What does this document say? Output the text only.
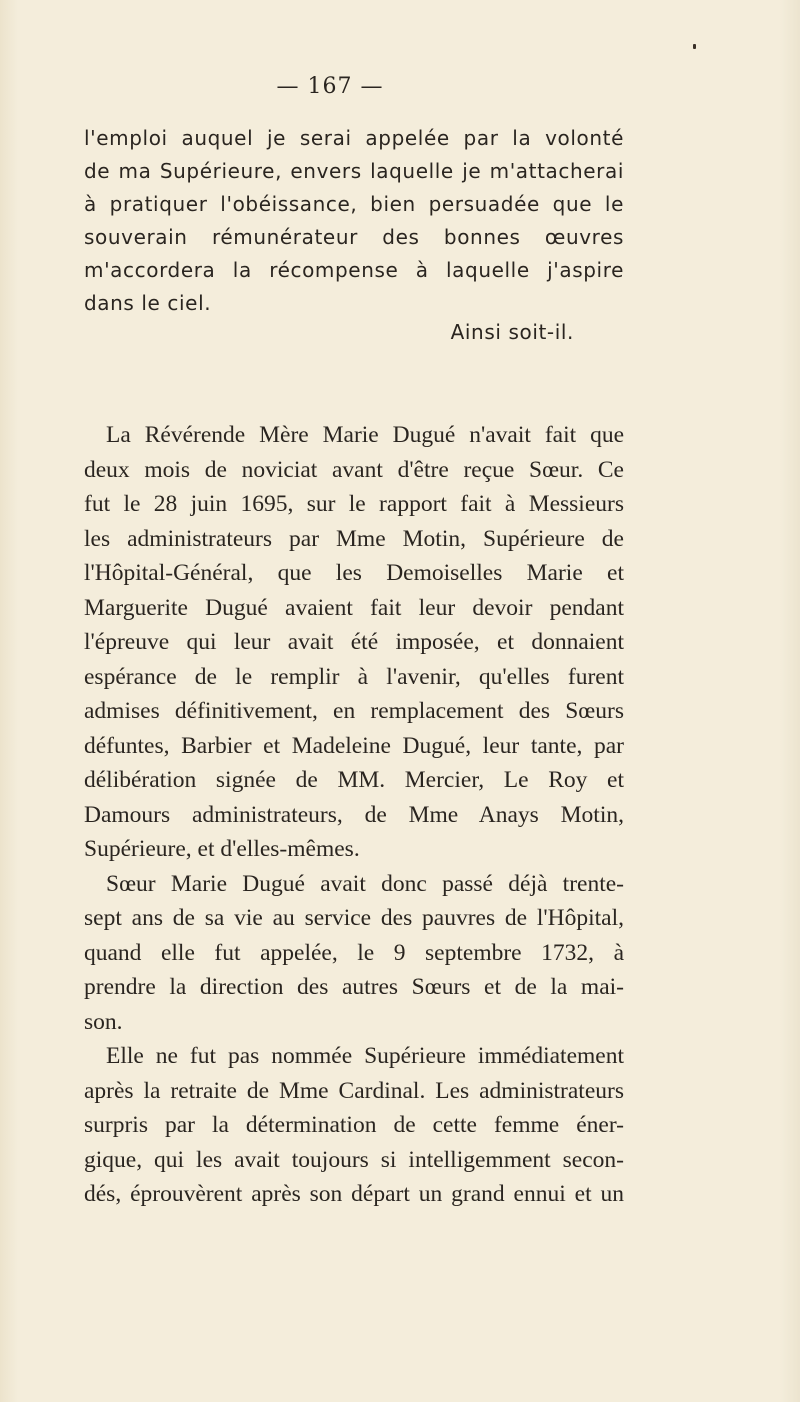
— 167 —
l'emploi auquel je serai appelée par la volonté
de ma Supérieure, envers laquelle je m'attacherai
à pratiquer l'obéissance, bien persuadée que le
souverain rémunérateur des bonnes œuvres
m'accordera la récompense à laquelle j'aspire
dans le ciel.
Ainsi soit-il.
La Révérende Mère Marie Dugué n'avait fait que
deux mois de noviciat avant d'être reçue Sœur. Ce
fut le 28 juin 1695, sur le rapport fait à Messieurs
les administrateurs par Mme Motin, Supérieure de
l'Hôpital-Général, que les Demoiselles Marie et
Marguerite Dugué avaient fait leur devoir pendant
l'épreuve qui leur avait été imposée, et donnaient
espérance de le remplir à l'avenir, qu'elles furent
admises définitivement, en remplacement des Sœurs
défuntes, Barbier et Madeleine Dugué, leur tante, par
délibération signée de MM. Mercier, Le Roy et
Damours administrateurs, de Mme Anays Motin,
Supérieure, et d'elles-mêmes.
Sœur Marie Dugué avait donc passé déjà trente-
sept ans de sa vie au service des pauvres de l'Hôpital,
quand elle fut appelée, le 9 septembre 1732, à
prendre la direction des autres Sœurs et de la mai-
son.
Elle ne fut pas nommée Supérieure immédiatement
après la retraite de Mme Cardinal. Les administrateurs
surpris par la détermination de cette femme éner-
gique, qui les avait toujours si intelligemment secon-
dés, éprouvèrent après son départ un grand ennui et un
